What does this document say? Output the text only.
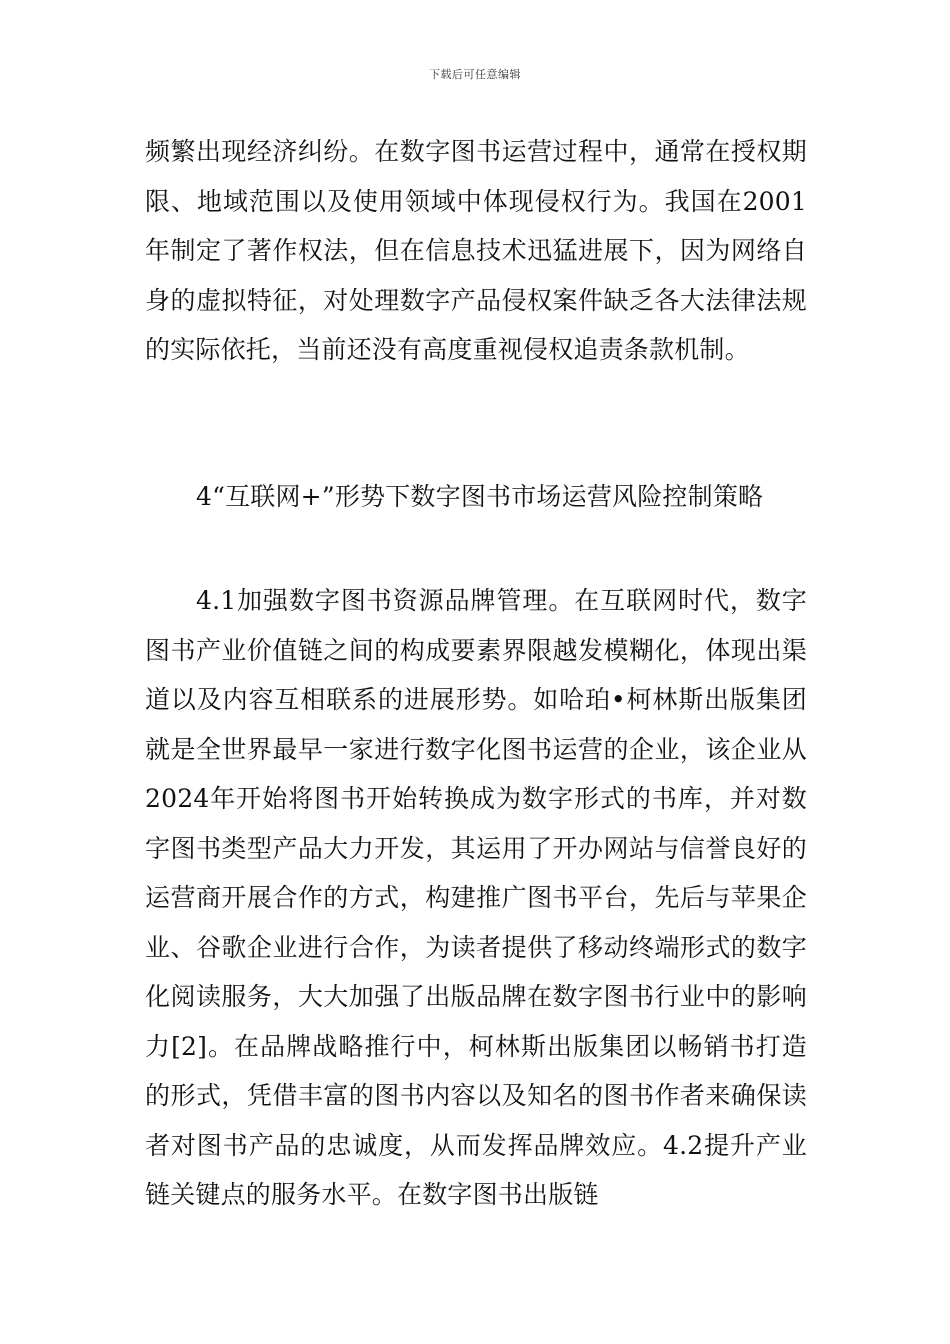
下载后可任意编辑

频繁出现经济纠纷。在数字图书运营过程中，通常在授权期限、地域范围以及使用领域中体现侵权行为。我国在2001年制定了著作权法，但在信息技术迅猛进展下，因为网络自身的虚拟特征，对处理数字产品侵权案件缺乏各大法律法规的实际依托，当前还没有高度重视侵权追责条款机制。

4“互联网+”形势下数字图书市场运营风险控制策略

4.1加强数字图书资源品牌管理。在互联网时代，数字图书产业价值链之间的构成要素界限越发模糊化，体现出渠道以及内容互相联系的进展形势。如哈珀•柯林斯出版集团就是全世界最早一家进行数字化图书运营的企业，该企业从2024年开始将图书开始转换成为数字形式的书库，并对数字图书类型产品大力开发，其运用了开办网站与信誉良好的运营商开展合作的方式，构建推广图书平台，先后与苹果企业、谷歌企业进行合作，为读者提供了移动终端形式的数字化阅读服务，大大加强了出版品牌在数字图书行业中的影响力[2]。在品牌战略推行中，柯林斯出版集团以畅销书打造的形式，凭借丰富的图书内容以及知名的图书作者来确保读者对图书产品的忠诚度，从而发挥品牌效应。4.2提升产业链关键点的服务水平。在数字图书出版链
